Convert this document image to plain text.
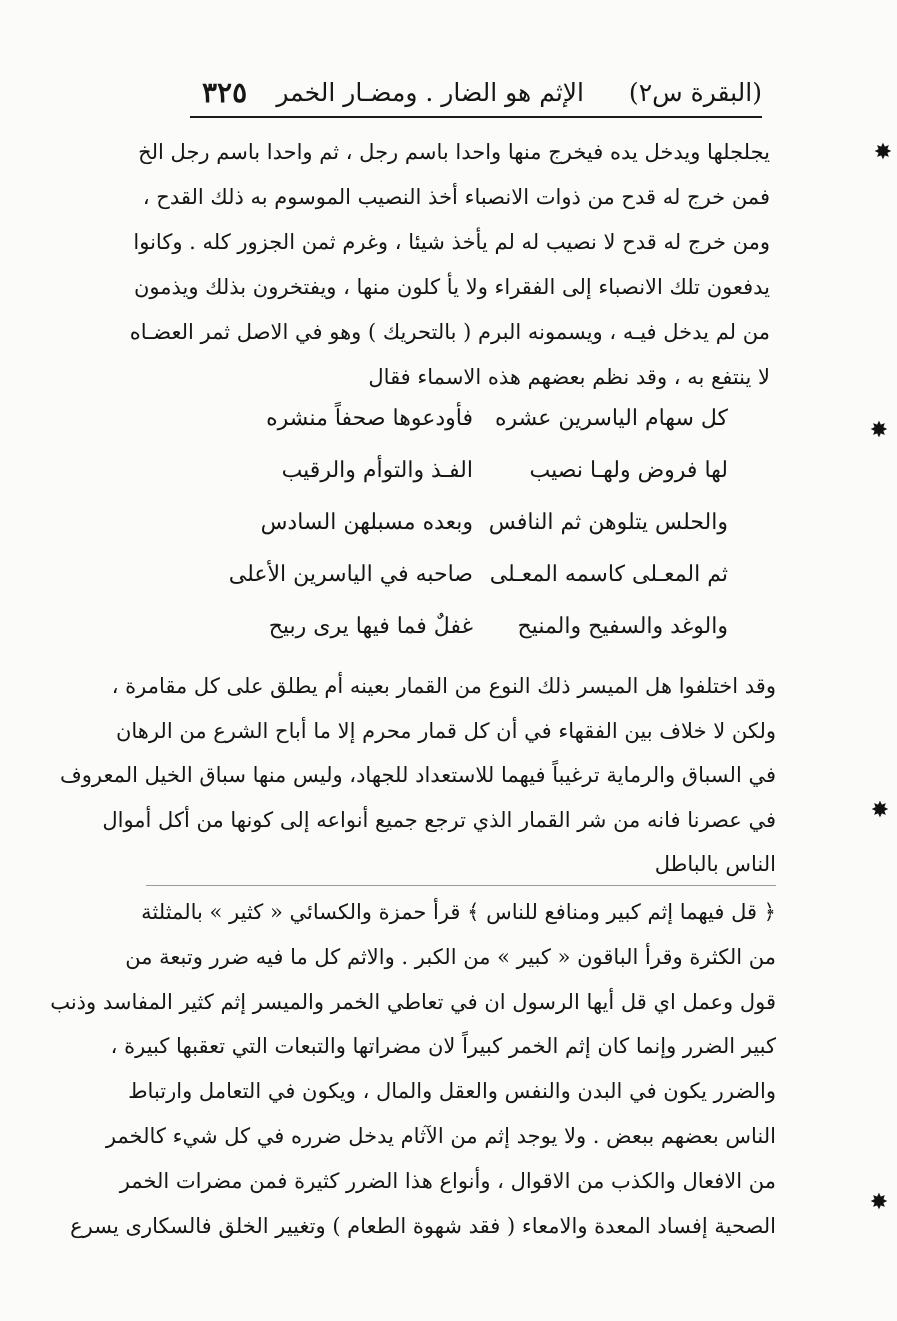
(البقرة س٢)
الإثم هو الضار . ومضـار الخمر
٣٢٥
يجلجلها ويدخل يده فيخرج منها واحدا باسم رجل ، ثم واحدا باسم رجل الخ
فمن خرج له قدح من ذوات الانصباء أخذ النصيب الموسوم به ذلك القدح ،
ومن خرج له قدح لا نصيب له لم يأخذ شيئا ، وغرم ثمن الجزور كله . وكانوا
يدفعون تلك الانصباء إلى الفقراء ولا يأ كلون منها ، ويفتخرون بذلك ويذمون
من لم يدخل فيـه ، ويسمونه البرم ( بالتحريك ) وهو في الاصل ثمر العضـاه
لا ينتفع به ، وقد نظم بعضهم هذه الاسماء فقال
كل سهام الياسرين عشره
فأودعوها صحفاً منشره
لها فروض ولهـا نصيب
الفـذ والتوأم والرقيب
والحلس يتلوهن ثم النافس
وبعده مسبلهن السادس
ثم المعـلى كاسمه المعـلى
صاحبه في الياسرين الأعلى
والوغد والسفيح والمنيح
غفلٌ فما فيها يرى ربيح
وقد اختلفوا هل الميسر ذلك النوع من القمار بعينه أم يطلق على كل مقامرة ،
ولكن لا خلاف بين الفقهاء في أن كل قمار محرم إلا ما أباح الشرع من الرهان
في السباق والرماية ترغيباً فيهما للاستعداد للجهاد، وليس منها سباق الخيل المعروف
في عصرنا فانه من شر القمار الذي ترجع جميع أنواعه إلى كونها من أكل أموال
الناس بالباطل
﴿ قل فيهما إثم كبير ومنافع للناس ﴾ قرأ حمزة والكسائي « كثير » بالمثلثة
من الكثرة وقرأ الباقون « كبير » من الكبر . والاثم كل ما فيه ضرر وتبعة من
قول وعمل اي قل أيها الرسول ان في تعاطي الخمر والميسر إثم كثير المفاسد وذنب
كبير الضرر وإنما كان إثم الخمر كبيراً لان مضراتها والتبعات التي تعقبها كبيرة ،
والضرر يكون في البدن والنفس والعقل والمال ، ويكون في التعامل وارتباط
الناس بعضهم ببعض . ولا يوجد إثم من الآثام يدخل ضرره في كل شيء كالخمر
من الافعال والكذب من الاقوال ، وأنواع هذا الضرر كثيرة فمن مضرات الخمر
الصحية إفساد المعدة والامعاء ( فقد شهوة الطعام ) وتغيير الخلق فالسكارى يسرع
✸
✸
✸
✸
